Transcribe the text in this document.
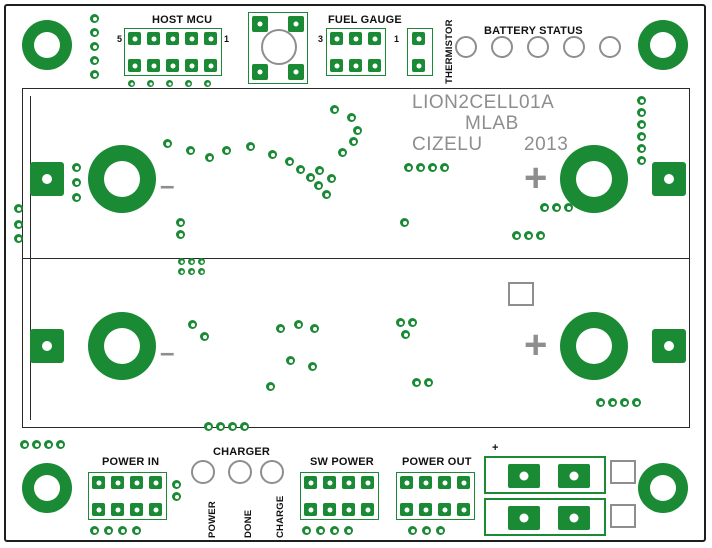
–	+
–	+
LION2CELL01A
MLAB
CIZELU 2013
HOST MCU
5	1
FUEL GAUGE
3	1	THERMISTOR	BATTERY STATUS
POWER IN
CHARGER
POWER	DONE CHARGE
SW POWER	POWER OUT
+
